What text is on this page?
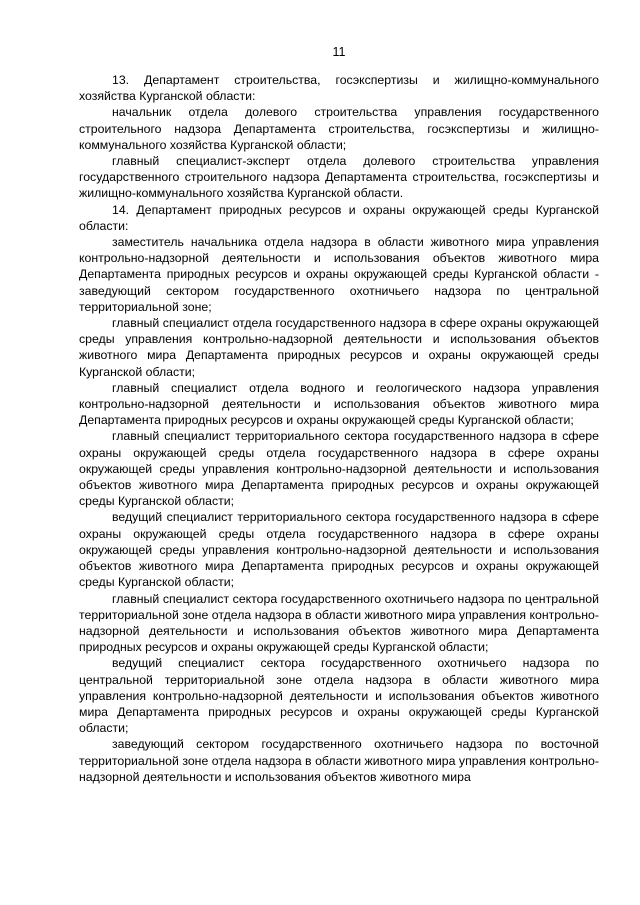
11

13. Департамент строительства, госэкспертизы и жилищно-коммунального хозяйства Курганской области:

начальник отдела долевого строительства управления государственного строительного надзора Департамента строительства, госэкспертизы и жилищно-коммунального хозяйства Курганской области;

главный специалист-эксперт отдела долевого строительства управления государственного строительного надзора Департамента строительства, госэкспертизы и жилищно-коммунального хозяйства Курганской области.

14. Департамент природных ресурсов и охраны окружающей среды Курганской области:

заместитель начальника отдела надзора в области животного мира управления контрольно-надзорной деятельности и использования объектов животного мира Департамента природных ресурсов и охраны окружающей среды Курганской области - заведующий сектором государственного охотничьего надзора по центральной территориальной зоне;

главный специалист отдела государственного надзора в сфере охраны окружающей среды управления контрольно-надзорной деятельности и использования объектов животного мира Департамента природных ресурсов и охраны окружающей среды Курганской области;

главный специалист отдела водного и геологического надзора управления контрольно-надзорной деятельности и использования объектов животного мира Департамента природных ресурсов и охраны окружающей среды Курганской области;

главный специалист территориального сектора государственного надзора в сфере охраны окружающей среды отдела государственного надзора в сфере охраны окружающей среды управления контрольно-надзорной деятельности и использования объектов животного мира Департамента природных ресурсов и охраны окружающей среды Курганской области;

ведущий специалист территориального сектора государственного надзора в сфере охраны окружающей среды отдела государственного надзора в сфере охраны окружающей среды управления контрольно-надзорной деятельности и использования объектов животного мира Департамента природных ресурсов и охраны окружающей среды Курганской области;

главный специалист сектора государственного охотничьего надзора по центральной территориальной зоне отдела надзора в области животного мира управления контрольно-надзорной деятельности и использования объектов животного мира Департамента природных ресурсов и охраны окружающей среды Курганской области;

ведущий специалист сектора государственного охотничьего надзора по центральной территориальной зоне отдела надзора в области животного мира управления контрольно-надзорной деятельности и использования объектов животного мира Департамента природных ресурсов и охраны окружающей среды Курганской области;

заведующий сектором государственного охотничьего надзора по восточной территориальной зоне отдела надзора в области животного мира управления контрольно-надзорной деятельности и использования объектов животного мира
